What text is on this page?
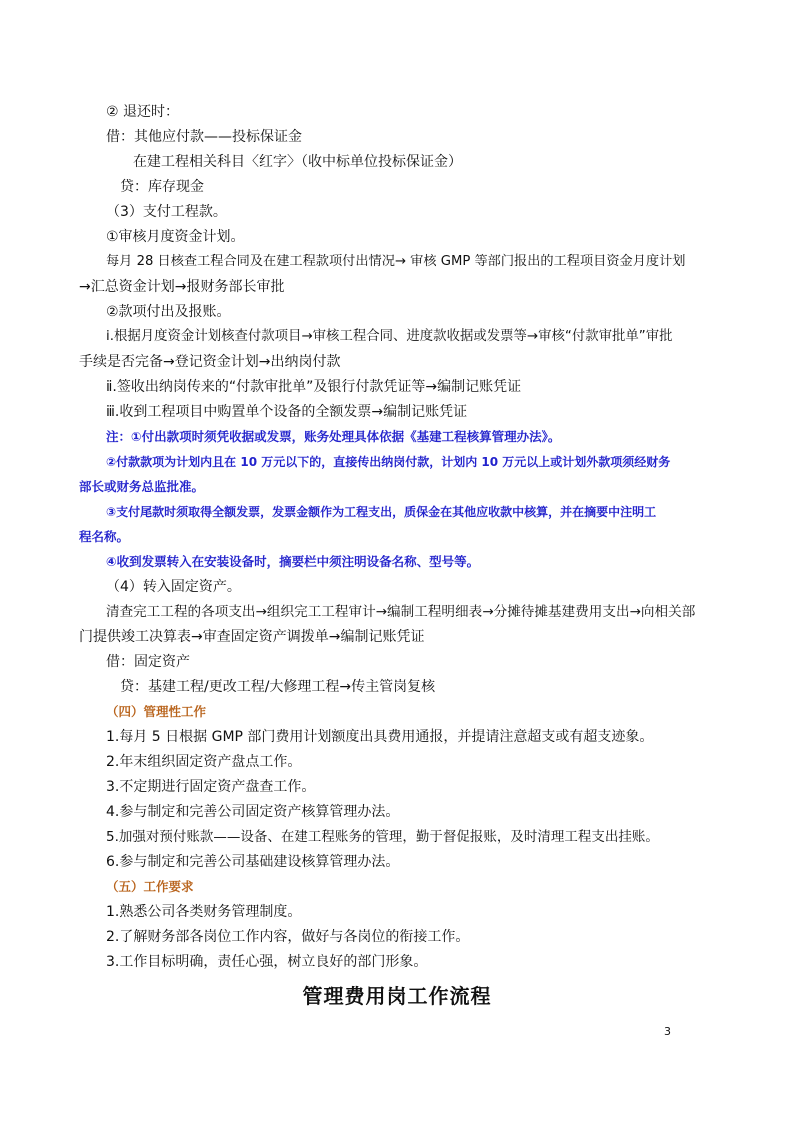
② 退还时：
借：其他应付款——投标保证金
在建工程相关科目〈红字〉（收中标单位投标保证金）
贷：库存现金
（3）支付工程款。
①审核月度资金计划。
每月 28 日核查工程合同及在建工程款项付出情况→ 审核 GMP 等部门报出的工程项目资金月度计划
→汇总资金计划→报财务部长审批
②款项付出及报账。
ⅰ.根据月度资金计划核查付款项目→审核工程合同、进度款收据或发票等→审核“付款审批单”审批
手续是否完备→登记资金计划→出纳岗付款
ⅱ.签收出纳岗传来的“付款审批单”及银行付款凭证等→编制记账凭证
ⅲ.收到工程项目中购置单个设备的全额发票→编制记账凭证
注：①付出款项时须凭收据或发票，账务处理具体依据《基建工程核算管理办法》。
②付款款项为计划内且在 10 万元以下的，直接传出纳岗付款，计划内 10 万元以上或计划外款项须经财务
部长或财务总监批准。
③支付尾款时须取得全额发票，发票金额作为工程支出，质保金在其他应收款中核算，并在摘要中注明工
程名称。
④收到发票转入在安装设备时，摘要栏中须注明设备名称、型号等。
（4）转入固定资产。
清查完工工程的各项支出→组织完工工程审计→编制工程明细表→分摊待摊基建费用支出→向相关部
门提供竣工决算表→审查固定资产调拨单→编制记账凭证
借：固定资产
贷：基建工程/更改工程/大修理工程→传主管岗复核
（四）管理性工作
1.每月 5 日根据 GMP 部门费用计划额度出具费用通报，并提请注意超支或有超支迹象。
2.年末组织固定资产盘点工作。
3.不定期进行固定资产盘查工作。
4.参与制定和完善公司固定资产核算管理办法。
5.加强对预付账款——设备、在建工程账务的管理，勤于督促报账，及时清理工程支出挂账。
6.参与制定和完善公司基础建设核算管理办法。
（五）工作要求
1.熟悉公司各类财务管理制度。
2.了解财务部各岗位工作内容，做好与各岗位的衔接工作。
3.工作目标明确，责任心强，树立良好的部门形象。
管理费用岗工作流程
3
